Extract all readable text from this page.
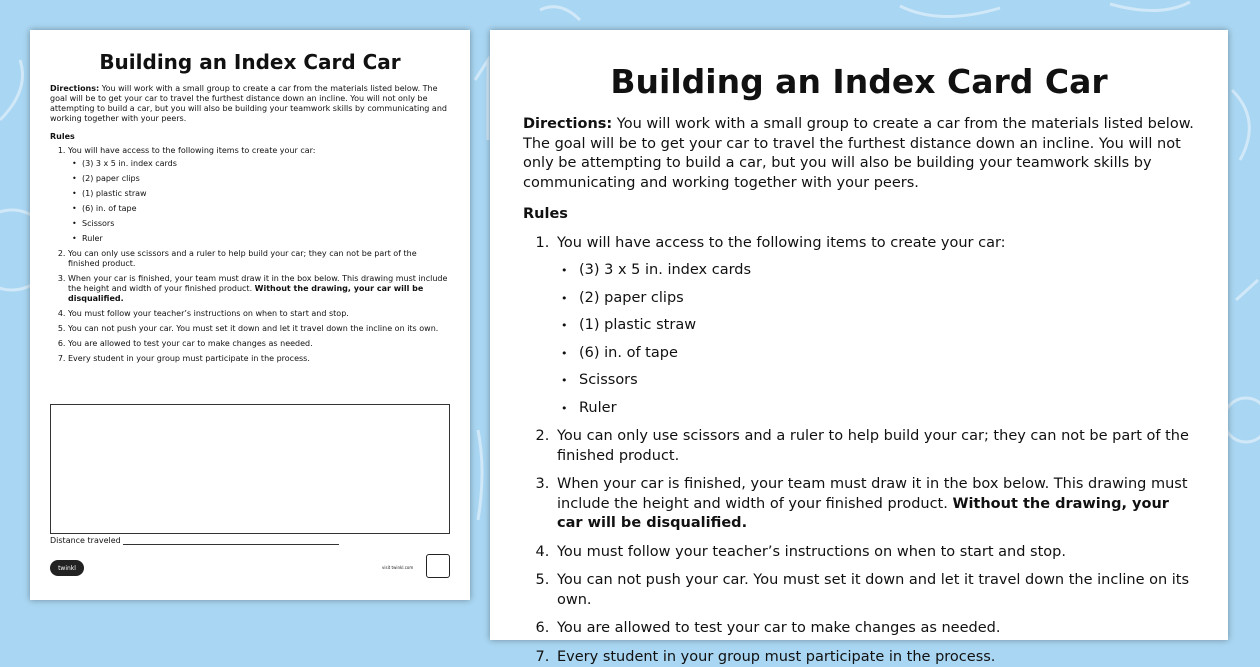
Building an Index Card Car

Directions: You will work with a small group to create a car from the materials listed below. The goal will be to get your car to travel the furthest distance down an incline. You will not only be attempting to build a car, but you will also be building your teamwork skills by communicating and working together with your peers.

Rules
1. You will have access to the following items to create your car:
• (3) 3 x 5 in. index cards
• (2) paper clips
• (1) plastic straw
• (6) in. of tape
• Scissors
• Ruler
2. You can only use scissors and a ruler to help build your car; they can not be part of the finished product.
3. When your car is finished, your team must draw it in the box below. This drawing must include the height and width of your finished product. Without the drawing, your car will be disqualified.
4. You must follow your teacher’s instructions on when to start and stop.
5. You can not push your car. You must set it down and let it travel down the incline on its own.
6. You are allowed to test your car to make changes as needed.
7. Every student in your group must participate in the process.
Distance traveled
twinkl	visit twinkl.com
Building an Index Card Car

Directions: You will work with a small group to create a car from the materials listed below. The goal will be to get your car to travel the furthest distance down an incline. You will not only be attempting to build a car, but you will also be building your teamwork skills by communicating and working together with your peers.

Rules
1. You will have access to the following items to create your car:
• (3) 3 x 5 in. index cards
• (2) paper clips
• (1) plastic straw
• (6) in. of tape
• Scissors
• Ruler
2. You can only use scissors and a ruler to help build your car; they can not be part of the finished product.
3. When your car is finished, your team must draw it in the box below. This drawing must include the height and width of your finished product. Without the drawing, your car will be disqualified.
4. You must follow your teacher’s instructions on when to start and stop.
5. You can not push your car. You must set it down and let it travel down the incline on its own.
6. You are allowed to test your car to make changes as needed.
7. Every student in your group must participate in the process.
